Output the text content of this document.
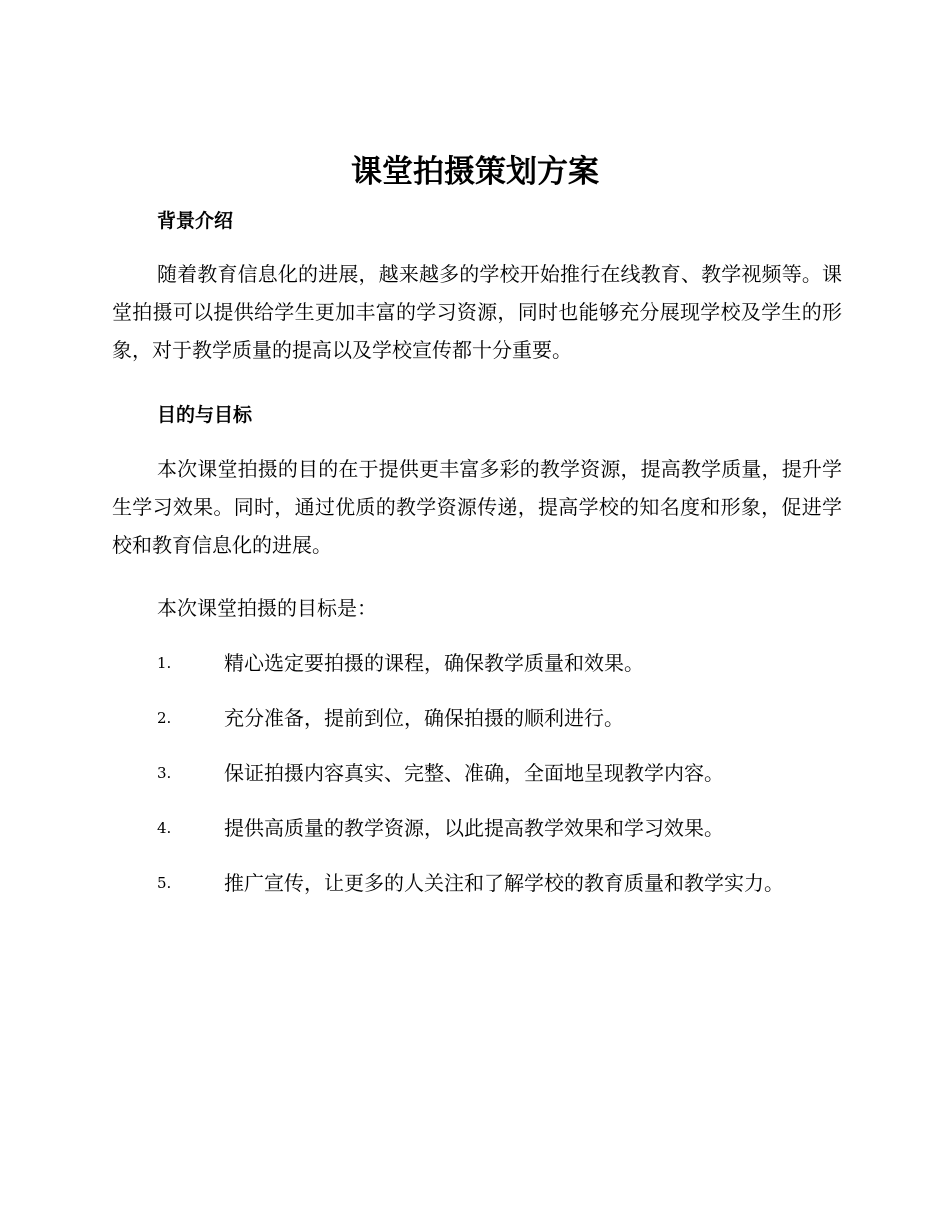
课堂拍摄策划方案
背景介绍

随着教育信息化的进展，越来越多的学校开始推行在线教育、教学视频等。课堂拍摄可以提供给学生更加丰富的学习资源，同时也能够充分展现学校及学生的形象，对于教学质量的提高以及学校宣传都十分重要。

目的与目标

本次课堂拍摄的目的在于提供更丰富多彩的教学资源，提高教学质量，提升学生学习效果。同时，通过优质的教学资源传递，提高学校的知名度和形象，促进学校和教育信息化的进展。

本次课堂拍摄的目标是：

1.	精心选定要拍摄的课程，确保教学质量和效果。
2.	充分准备，提前到位，确保拍摄的顺利进行。
3.	保证拍摄内容真实、完整、准确，全面地呈现教学内容。
4.	提供高质量的教学资源，以此提高教学效果和学习效果。
5.	推广宣传，让更多的人关注和了解学校的教育质量和教学实力。
